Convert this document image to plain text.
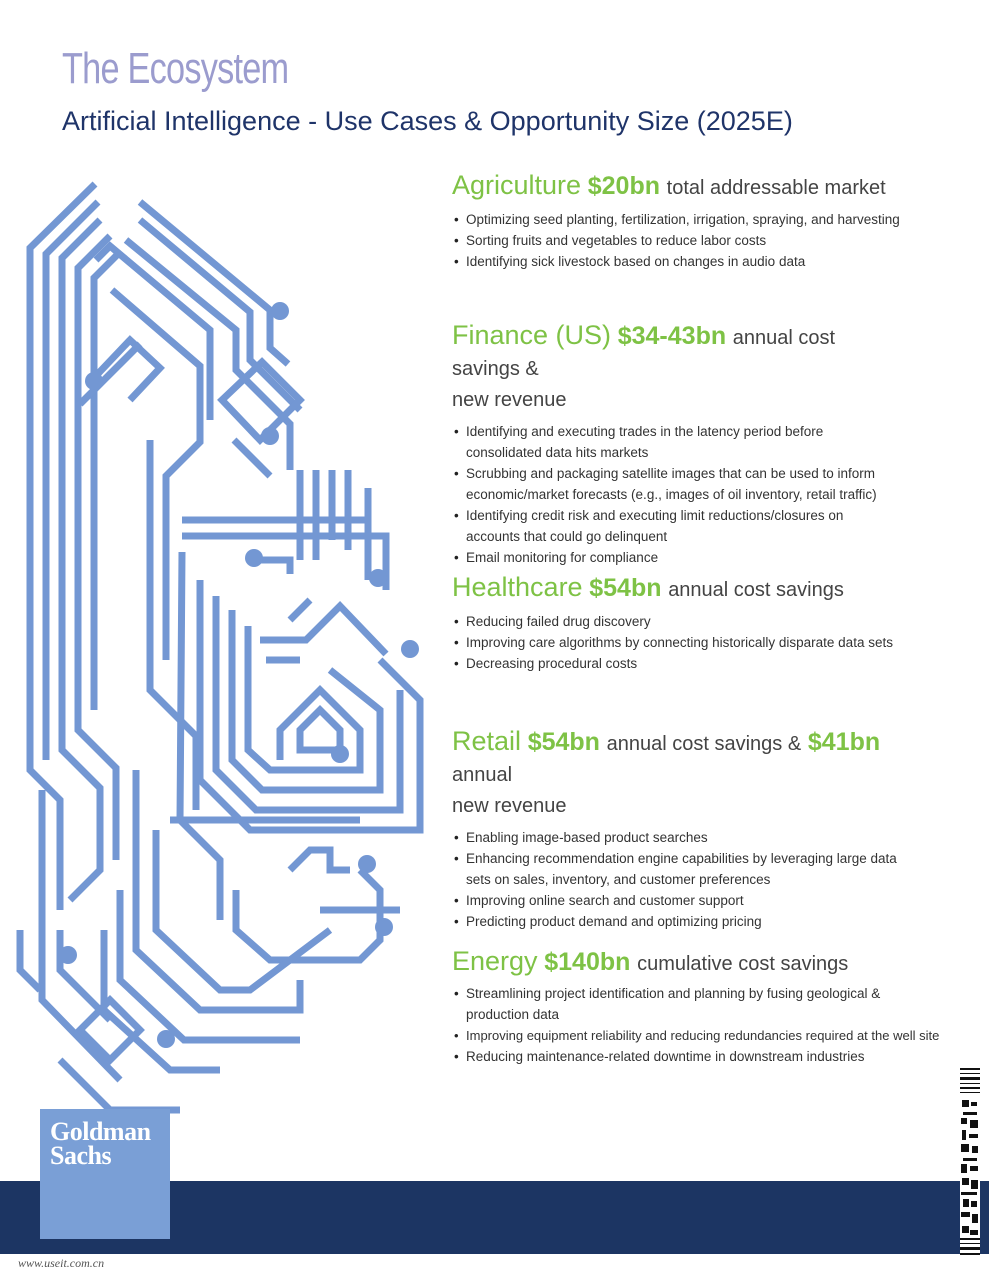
The Ecosystem
Artificial Intelligence - Use Cases & Opportunity Size (2025E)
Agriculture $20bn total addressable market
• Optimizing seed planting, fertilization, irrigation, spraying, and harvesting
• Sorting fruits and vegetables to reduce labor costs
• Identifying sick livestock based on changes in audio data
Finance (US) $34-43bn annual cost savings &
new revenue
• Identifying and executing trades in the latency period before consolidated data hits markets
• Scrubbing and packaging satellite images that can be used to inform economic/market forecasts (e.g., images of oil inventory, retail traffic)
• Identifying credit risk and executing limit reductions/closures on accounts that could go delinquent
• Email monitoring for compliance
Healthcare $54bn annual cost savings
• Reducing failed drug discovery
• Improving care algorithms by connecting historically disparate data sets
• Decreasing procedural costs
Retail $54bn annual cost savings & $41bn annual
new revenue
• Enabling image-based product searches
• Enhancing recommendation engine capabilities by leveraging large data sets on sales, inventory, and customer preferences
• Improving online search and customer support
• Predicting product demand and optimizing pricing
Energy $140bn cumulative cost savings
• Streamlining project identification and planning by fusing geological & production data
• Improving equipment reliability and reducing redundancies required at the well site
• Reducing maintenance-related downtime in downstream industries
Goldman
Sachs
www.useit.com.cn
